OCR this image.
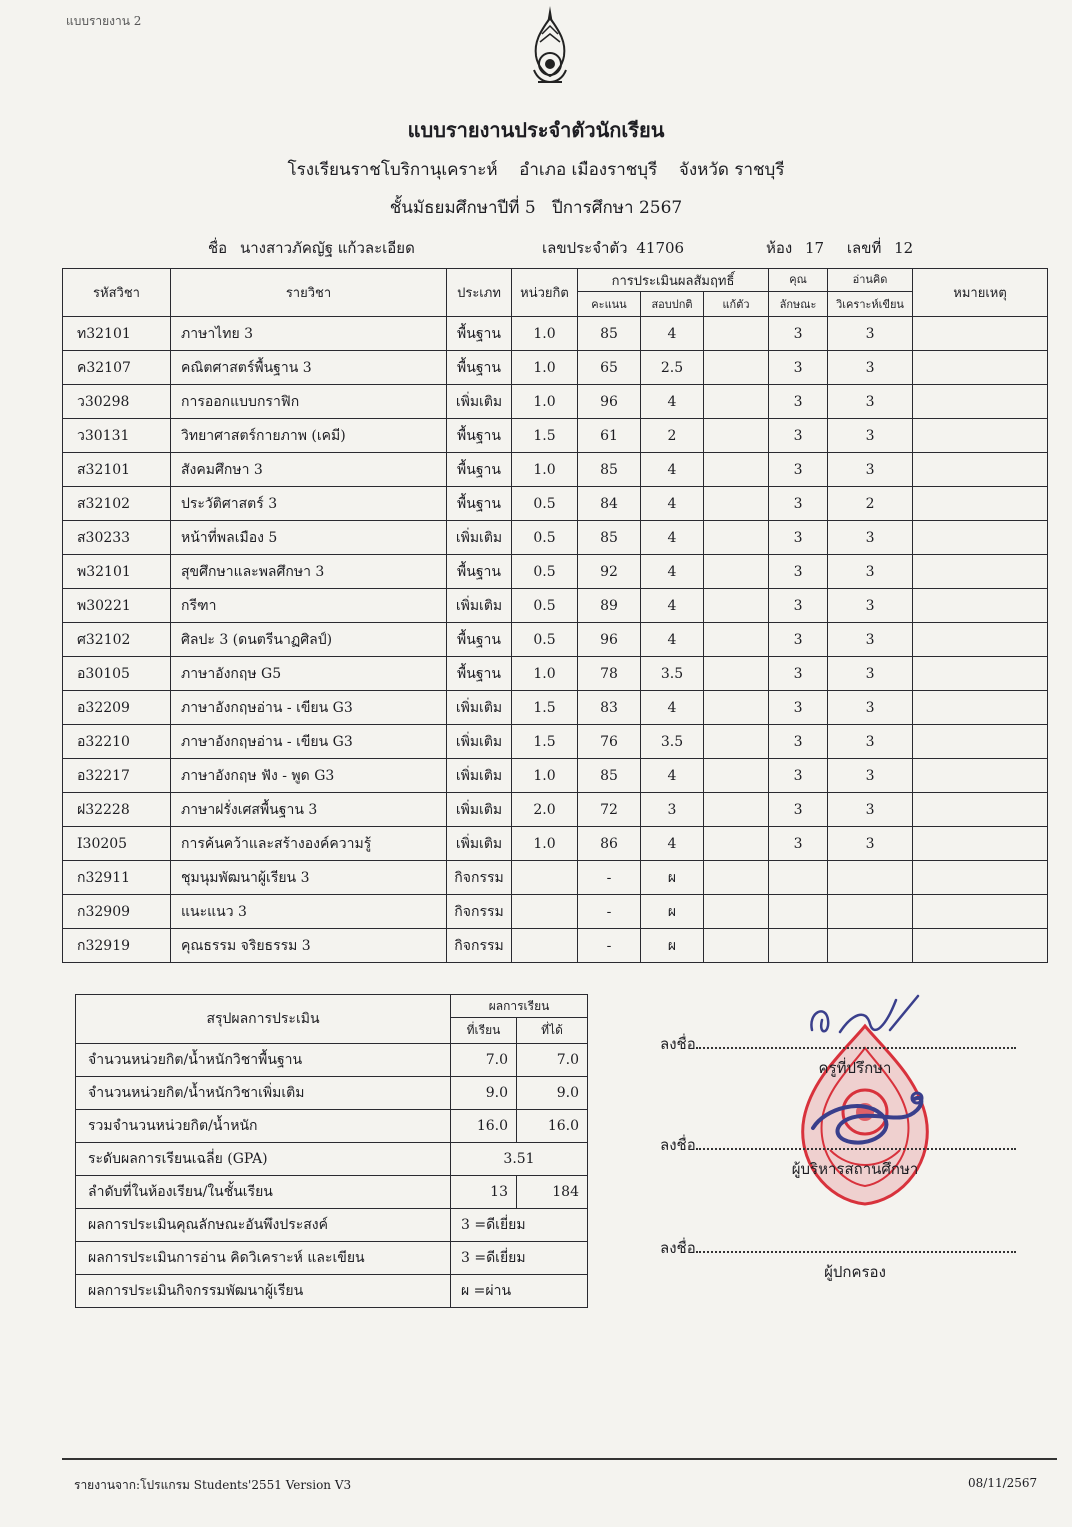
แบบรายงาน 2
แบบรายงานประจำตัวนักเรียน
โรงเรียนราชโบริกานุเคราะห์ อำเภอ เมืองราชบุรี จังหวัด ราชบุรี
ชั้นมัธยมศึกษาปีที่ 5 ปีการศึกษา 2567
ชื่อ นางสาวภัคญัฐ แก้วละเอียด	เลขประจำตัว 41706	ห้อง 17 เลขที่ 12
รหัสวิชา	รายวิชา	ประเภท	หน่วยกิต	การประเมินผลสัมฤทธิ์			คุณ	อ่านคิด	หมายเหตุ
				คะแนน	สอบปกติ	แก้ตัว	ลักษณะ	วิเคราะห์เขียน	
ท32101	ภาษาไทย 3	พื้นฐาน	1.0	85	4		3	3	
ค32107	คณิตศาสตร์พื้นฐาน 3	พื้นฐาน	1.0	65	2.5		3	3	
ว30298	การออกแบบกราฟิก	เพิ่มเติม	1.0	96	4		3	3	
ว30131	วิทยาศาสตร์กายภาพ (เคมี)	พื้นฐาน	1.5	61	2		3	3	
ส32101	สังคมศึกษา 3	พื้นฐาน	1.0	85	4		3	3	
ส32102	ประวัติศาสตร์ 3	พื้นฐาน	0.5	84	4		3	2	
ส30233	หน้าที่พลเมือง 5	เพิ่มเติม	0.5	85	4		3	3	
พ32101	สุขศึกษาและพลศึกษา 3	พื้นฐาน	0.5	92	4		3	3	
พ30221	กรีฑา	เพิ่มเติม	0.5	89	4		3	3	
ศ32102	ศิลปะ 3 (ดนตรีนาฏศิลป์)	พื้นฐาน	0.5	96	4		3	3	
อ30105	ภาษาอังกฤษ G5	พื้นฐาน	1.0	78	3.5		3	3	
อ32209	ภาษาอังกฤษอ่าน - เขียน G3	เพิ่มเติม	1.5	83	4		3	3	
อ32210	ภาษาอังกฤษอ่าน - เขียน G3	เพิ่มเติม	1.5	76	3.5		3	3	
อ32217	ภาษาอังกฤษ ฟัง - พูด G3	เพิ่มเติม	1.0	85	4		3	3	
ฝ32228	ภาษาฝรั่งเศสพื้นฐาน 3	เพิ่มเติม	2.0	72	3		3	3	
I30205	การค้นคว้าและสร้างองค์ความรู้	เพิ่มเติม	1.0	86	4		3	3	
ก32911	ชุมนุมพัฒนาผู้เรียน 3	กิจกรรม		-	ผ				
ก32909	แนะแนว 3	กิจกรรม		-	ผ				
ก32919	คุณธรรม จริยธรรม 3	กิจกรรม		-	ผ				
สรุปผลการประเมิน	ผลการเรียน	
	ที่เรียน	ที่ได้
จำนวนหน่วยกิต/น้ำหนักวิชาพื้นฐาน	7.0	7.0
จำนวนหน่วยกิต/น้ำหนักวิชาเพิ่มเติม	9.0	9.0
รวมจำนวนหน่วยกิต/น้ำหนัก	16.0	16.0
ระดับผลการเรียนเฉลี่ย (GPA)	3.51	
ลำดับที่ในห้องเรียน/ในชั้นเรียน	13	184
ผลการประเมินคุณลักษณะอันพึงประสงค์	3 =ดีเยี่ยม	
ผลการประเมินการอ่าน คิดวิเคราะห์ และเขียน	3 =ดีเยี่ยม	
ผลการประเมินกิจกรรมพัฒนาผู้เรียน	ผ =ผ่าน	
ลงชื่อ
ครูที่ปรึกษา
ลงชื่อ
ผู้บริหารสถานศึกษา
ลงชื่อ
ผู้ปกครอง
รายงานจาก:โปรแกรม Students'2551 Version V3	08/11/2567
